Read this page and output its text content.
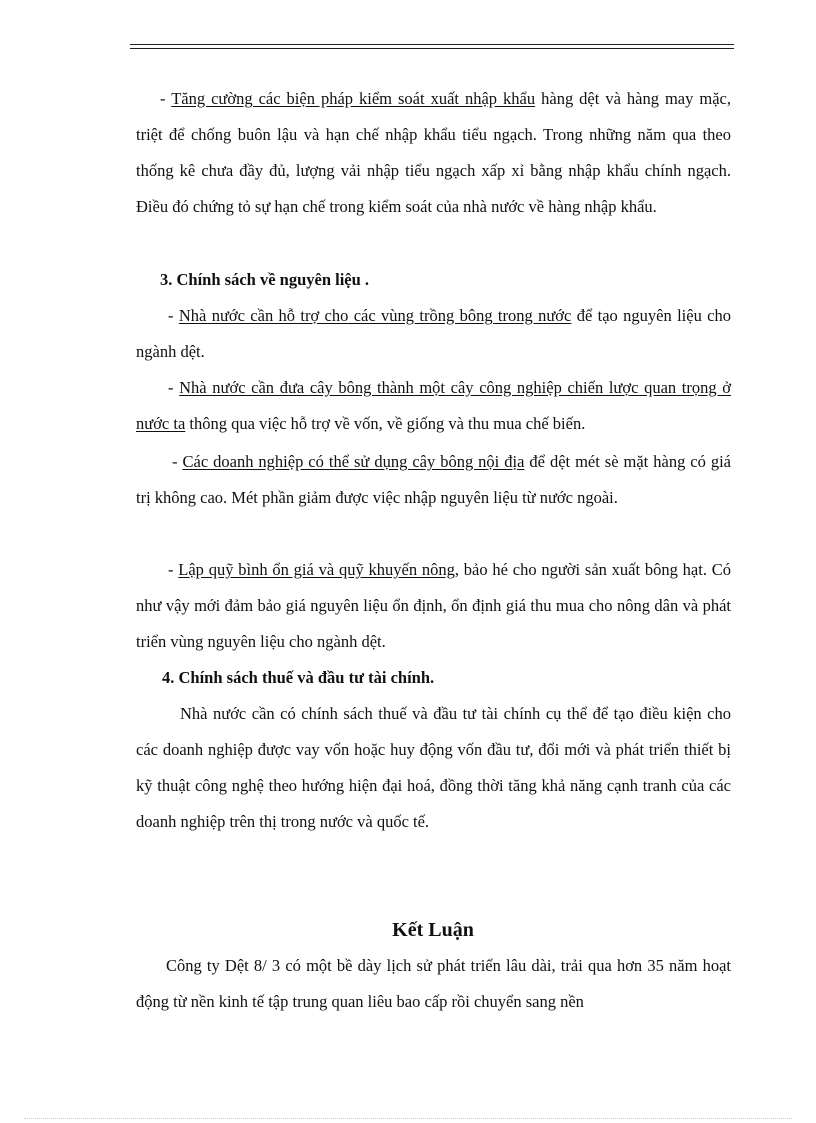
- Tăng cường các biện pháp kiểm soát xuất nhập khẩu hàng dệt và hàng may mặc, triệt để chống buôn lậu và hạn chế nhập khẩu tiểu ngạch. Trong những năm qua theo thống kê chưa đầy đủ, lượng vải nhập tiểu ngạch xấp xỉ bằng nhập khẩu chính ngạch. Điều đó chứng tỏ sự hạn chế trong kiểm soát của nhà nước về hàng nhập khẩu.

3. Chính sách về nguyên liệu .

- Nhà nước cần hỗ trợ cho các vùng trồng bông trong nước để tạo nguyên liệu cho ngành dệt.

- Nhà nước cần đưa cây bông thành một cây công nghiệp chiến lược quan trọng ở nước ta thông qua việc hỗ trợ về vốn, về giống và thu mua chế biến.

- Các doanh nghiệp có thể sử dụng cây bông nội địa để dệt mét sè mặt hàng có giá trị không cao. Mét phần giảm được việc nhập nguyên liệu từ nước ngoài.

- Lập quỹ bình ổn giá và quỹ khuyến nông, bảo hé cho người sản xuất bông hạt. Có như vậy mới đảm bảo giá nguyên liệu ổn định, ổn định giá thu mua cho nông dân và phát triển vùng nguyên liệu cho ngành dệt.

4. Chính sách thuế và đầu tư tài chính.

Nhà nước cần có chính sách thuế và đầu tư tài chính cụ thể để tạo điều kiện cho các doanh nghiệp được vay vốn hoặc huy động vốn đầu tư, đổi mới và phát triển thiết bị kỹ thuật công nghệ theo hướng hiện đại hoá, đồng thời tăng khả năng cạnh tranh của các doanh nghiệp trên thị trong nước và quốc tế.

Kết Luận

Công ty Dệt 8/ 3 có một bề dày lịch sử phát triển lâu dài, trải qua hơn 35 năm hoạt động từ nền kinh tế tập trung quan liêu bao cấp rồi chuyển sang nền
